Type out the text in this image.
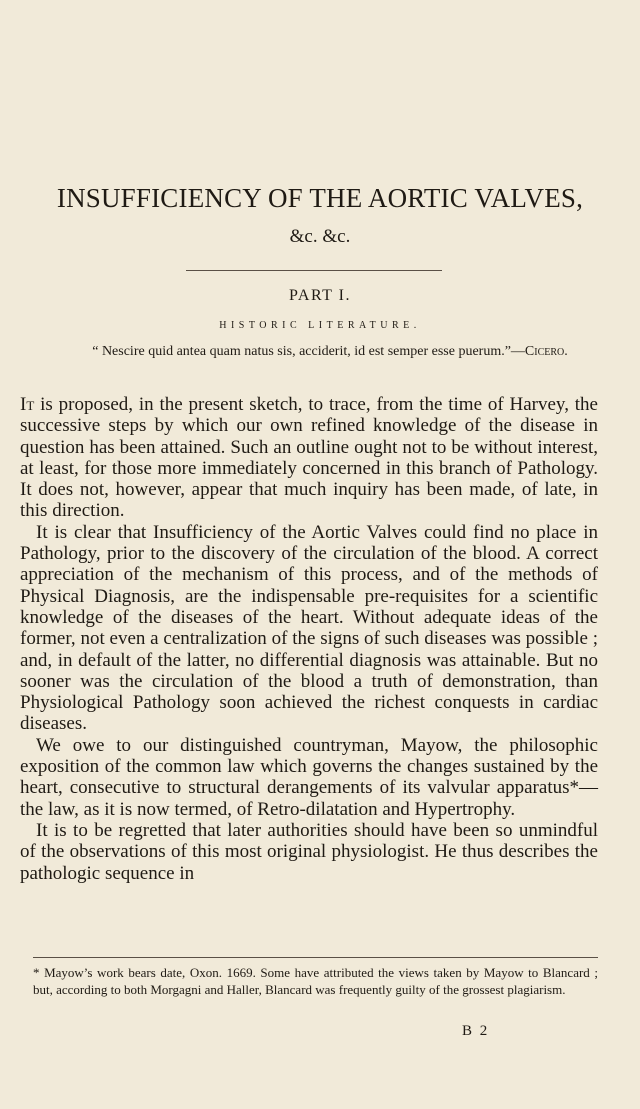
INSUFFICIENCY OF THE AORTIC VALVES,
&c. &c.
PART I.
HISTORIC LITERATURE.
“ Nescire quid antea quam natus sis, acciderit, id est semper esse puerum.”—Cicero.

It is proposed, in the present sketch, to trace, from the time of Harvey, the successive steps by which our own refined knowledge of the disease in question has been attained. Such an outline ought not to be without interest, at least, for those more immediately concerned in this branch of Pathology. It does not, however, appear that much inquiry has been made, of late, in this direction.

It is clear that Insufficiency of the Aortic Valves could find no place in Pathology, prior to the discovery of the circulation of the blood. A correct appreciation of the mechanism of this process, and of the methods of Physical Diagnosis, are the indispensable pre-requisites for a scientific knowledge of the diseases of the heart. Without adequate ideas of the former, not even a centralization of the signs of such diseases was possible ; and, in default of the latter, no differential diagnosis was attainable. But no sooner was the circulation of the blood a truth of demonstration, than Physiological Pathology soon achieved the richest conquests in cardiac diseases.

We owe to our distinguished countryman, Mayow, the philosophic exposition of the common law which governs the changes sustained by the heart, consecutive to structural derangements of its valvular apparatus*—the law, as it is now termed, of Retro-dilatation and Hypertrophy.

It is to be regretted that later authorities should have been so unmindful of the observations of this most original physiologist. He thus describes the pathologic sequence in

* Mayow’s work bears date, Oxon. 1669. Some have attributed the views taken by Mayow to Blancard ; but, according to both Morgagni and Haller, Blancard was frequently guilty of the grossest plagiarism.
B 2
